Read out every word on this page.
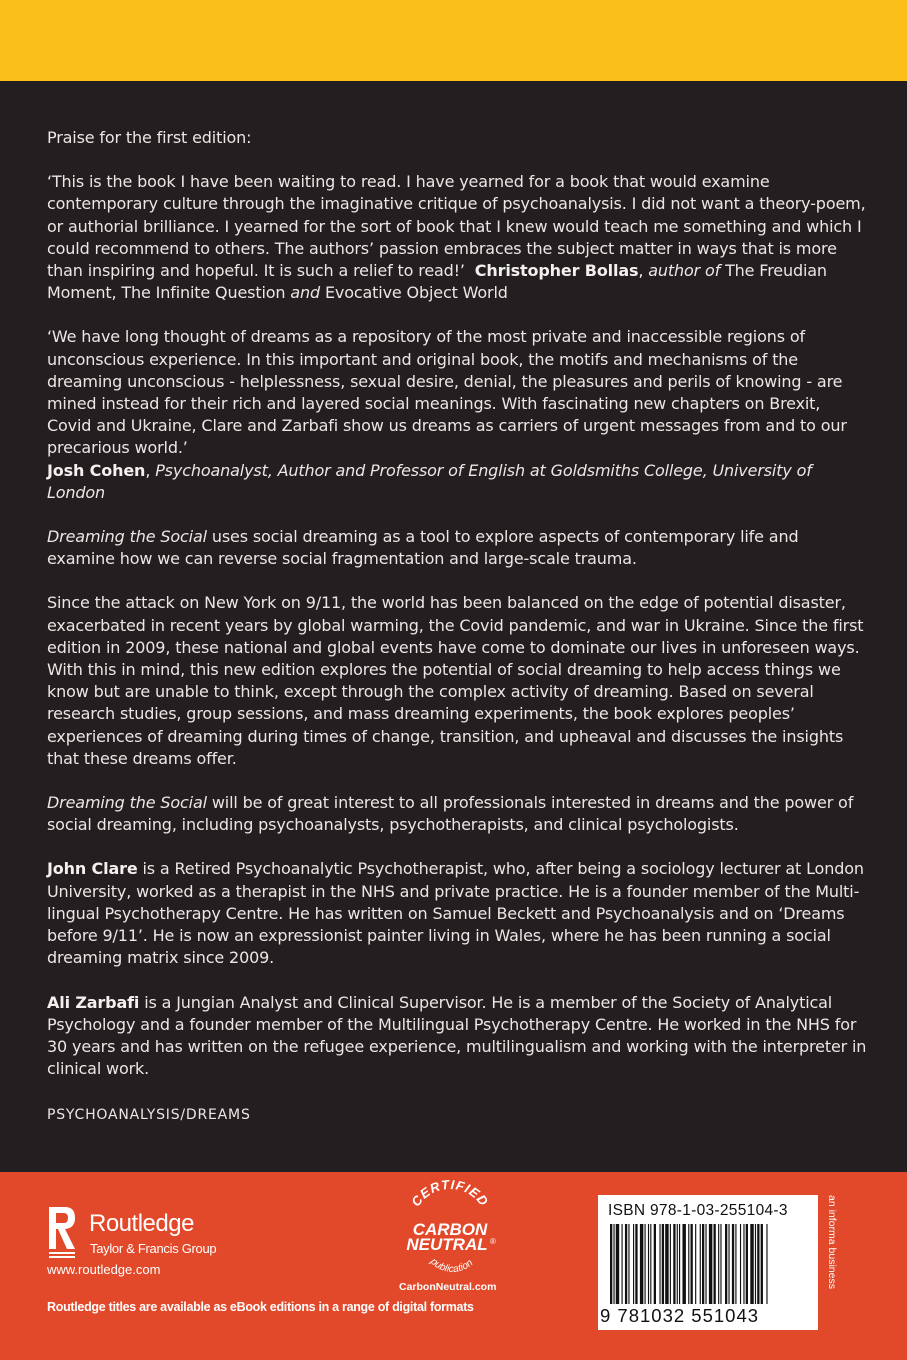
Praise for the first edition:

‘This is the book I have been waiting to read. I have yearned for a book that would examine contemporary culture through the imaginative critique of psychoanalysis. I did not want a theory-poem, or authorial brilliance. I yearned for the sort of book that I knew would teach me something and which I could recommend to others. The authors’ passion embraces the subject matter in ways that is more than inspiring and hopeful. It is such a relief to read!’ Christopher Bollas, author of The Freudian Moment, The Infinite Question and Evocative Object World

‘We have long thought of dreams as a repository of the most private and inaccessible regions of unconscious experience. In this important and original book, the motifs and mechanisms of the dreaming unconscious - helplessness, sexual desire, denial, the pleasures and perils of knowing - are mined instead for their rich and layered social meanings. With fascinating new chapters on Brexit, Covid and Ukraine, Clare and Zarbafi show us dreams as carriers of urgent messages from and to our precarious world.’
Josh Cohen, Psychoanalyst, Author and Professor of English at Goldsmiths College, University of London

Dreaming the Social uses social dreaming as a tool to explore aspects of contemporary life and examine how we can reverse social fragmentation and large-scale trauma.

Since the attack on New York on 9/11, the world has been balanced on the edge of potential disaster, exacerbated in recent years by global warming, the Covid pandemic, and war in Ukraine. Since the first edition in 2009, these national and global events have come to dominate our lives in unforeseen ways. With this in mind, this new edition explores the potential of social dreaming to help access things we know but are unable to think, except through the complex activity of dreaming. Based on several research studies, group sessions, and mass dreaming experiments, the book explores peoples’ experiences of dreaming during times of change, transition, and upheaval and discusses the insights that these dreams offer.

Dreaming the Social will be of great interest to all professionals interested in dreams and the power of social dreaming, including psychoanalysts, psychotherapists, and clinical psychologists.

John Clare is a Retired Psychoanalytic Psychotherapist, who, after being a sociology lecturer at London University, worked as a therapist in the NHS and private practice. He is a founder member of the Multi-lingual Psychotherapy Centre. He has written on Samuel Beckett and Psychoanalysis and on ‘Dreams before 9/11’. He is now an expressionist painter living in Wales, where he has been running a social dreaming matrix since 2009.

Ali Zarbafi is a Jungian Analyst and Clinical Supervisor. He is a member of the Society of Analytical Psychology and a founder member of the Multilingual Psychotherapy Centre. He worked in the NHS for 30 years and has written on the refugee experience, multilingualism and working with the interpreter in clinical work.

PSYCHOANALYSIS/DREAMS
Routledge
Taylor & Francis Group
www.routledge.com
Routledge titles are available as eBook editions in a range of digital formats
CERTIFIED
CARBON
NEUTRAL ®
publication
CarbonNeutral.com
ISBN 978-1-03-255104-3
9 781032 551043
an informa business
